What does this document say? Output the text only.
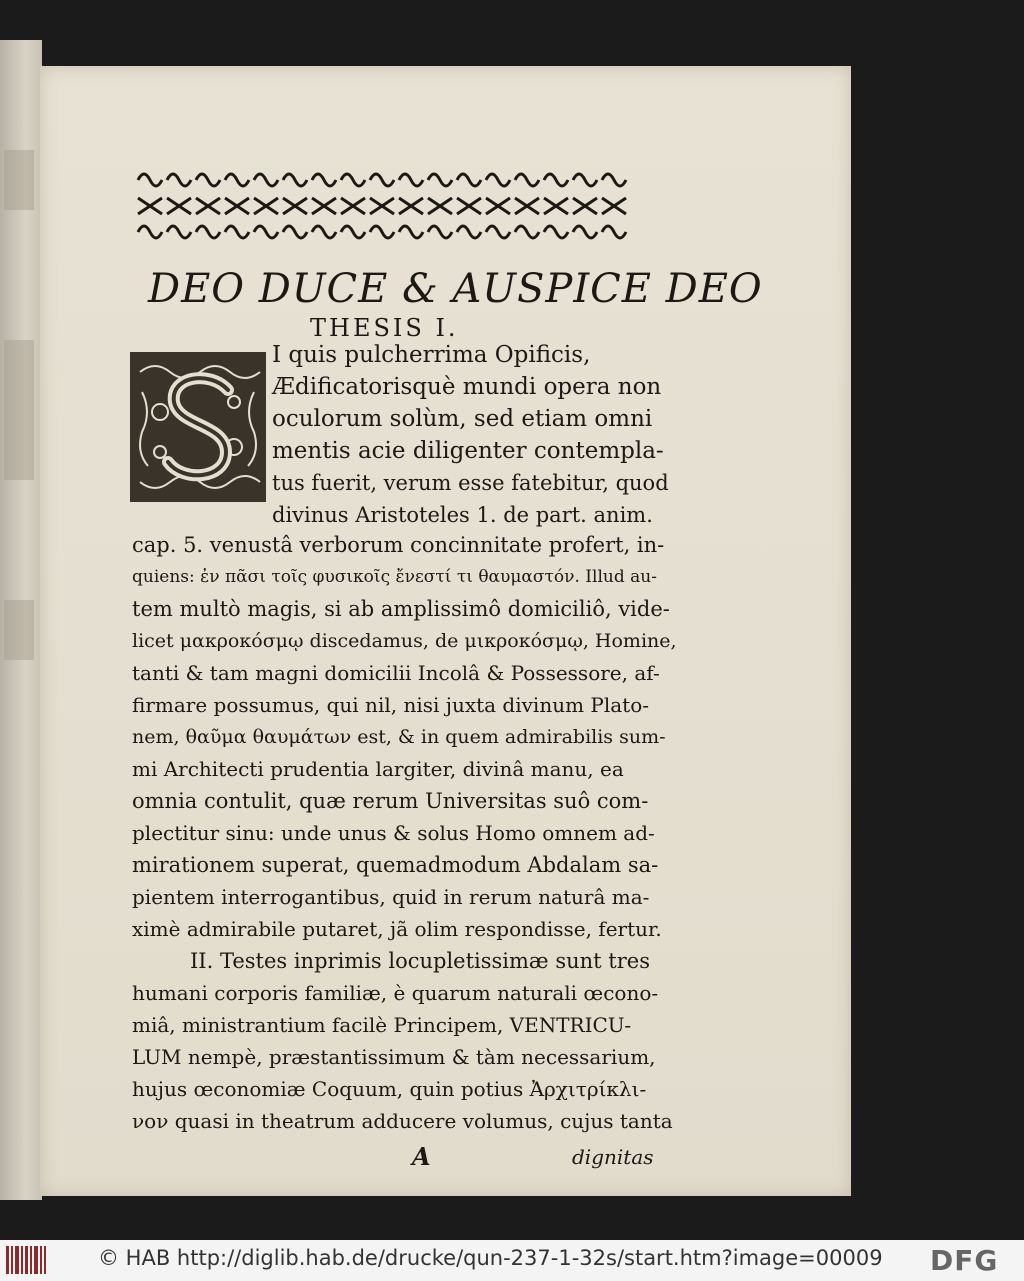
DEO DUCE & AUSPICE DEO
THESIS I.
I quis pulcherrima Opificis,
Ædificatorisquè mundi opera non
oculorum solùm, sed etiam omni
mentis acie diligenter contempla-
tus fuerit, verum esse fatebitur, quod
divinus Aristoteles 1. de part. anim.
cap. 5. venustâ verborum concinnitate profert, in-
quiens: ἐν πᾶσι τοῖς φυσικοῖς ἔνεστί τι θαυμαστόν. Illud au-
tem multò magis, si ab amplissimô domiciliô, vide-
licet μακροκόσμῳ discedamus, de μικροκόσμῳ, Homine,
tanti & tam magni domicilii Incolâ & Possessore, af-
firmare possumus, qui nil, nisi juxta divinum Plato-
nem, θαῦμα θαυμάτων est, & in quem admirabilis sum-
mi Architecti prudentia largiter, divinâ manu, ea
omnia contulit, quæ rerum Universitas suô com-
plectitur sinu: unde unus & solus Homo omnem ad-
mirationem superat, quemadmodum Abdalam sa-
pientem interrogantibus, quid in rerum naturâ ma-
ximè admirabile putaret, jã olim respondisse, fertur.
II. Testes inprimis locupletissimæ sunt tres
humani corporis familiæ, è quarum naturali œcono-
miâ, ministrantium facilè Principem, VENTRICU-
LUM nempè, præstantissimum & tàm necessarium,
hujus œconomiæ Coquum, quin potius Ἀρχιτρίκλι-
νον quasi in theatrum adducere volumus, cujus tanta
A	dignitas
© HAB http://diglib.hab.de/drucke/qun-237-1-32s/start.htm?image=00009 DFG
